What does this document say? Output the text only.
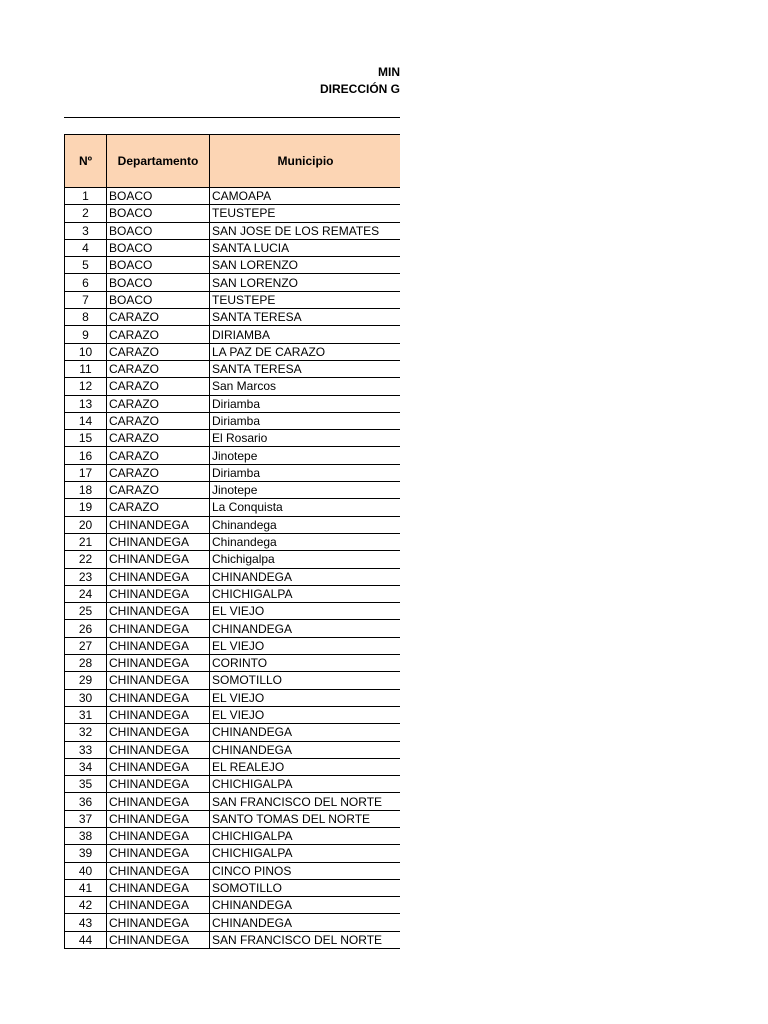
MIN
DIRECCIÓN G
Nº	Departamento	Municipio
1	BOACO	CAMOAPA
2	BOACO	TEUSTEPE
3	BOACO	SAN JOSE DE LOS REMATES
4	BOACO	SANTA LUCIA
5	BOACO	SAN LORENZO
6	BOACO	SAN LORENZO
7	BOACO	TEUSTEPE
8	CARAZO	SANTA TERESA
9	CARAZO	DIRIAMBA
10	CARAZO	LA PAZ DE CARAZO
11	CARAZO	SANTA TERESA
12	CARAZO	San Marcos
13	CARAZO	Diriamba
14	CARAZO	Diriamba
15	CARAZO	El Rosario
16	CARAZO	Jinotepe
17	CARAZO	Diriamba
18	CARAZO	Jinotepe
19	CARAZO	La Conquista
20	CHINANDEGA	Chinandega
21	CHINANDEGA	Chinandega
22	CHINANDEGA	Chichigalpa
23	CHINANDEGA	CHINANDEGA
24	CHINANDEGA	CHICHIGALPA
25	CHINANDEGA	EL VIEJO
26	CHINANDEGA	CHINANDEGA
27	CHINANDEGA	EL VIEJO
28	CHINANDEGA	CORINTO
29	CHINANDEGA	SOMOTILLO
30	CHINANDEGA	EL VIEJO
31	CHINANDEGA	EL VIEJO
32	CHINANDEGA	CHINANDEGA
33	CHINANDEGA	CHINANDEGA
34	CHINANDEGA	EL REALEJO
35	CHINANDEGA	CHICHIGALPA
36	CHINANDEGA	SAN FRANCISCO DEL NORTE
37	CHINANDEGA	SANTO TOMAS DEL NORTE
38	CHINANDEGA	CHICHIGALPA
39	CHINANDEGA	CHICHIGALPA
40	CHINANDEGA	CINCO PINOS
41	CHINANDEGA	SOMOTILLO
42	CHINANDEGA	CHINANDEGA
43	CHINANDEGA	CHINANDEGA
44	CHINANDEGA	SAN FRANCISCO DEL NORTE
